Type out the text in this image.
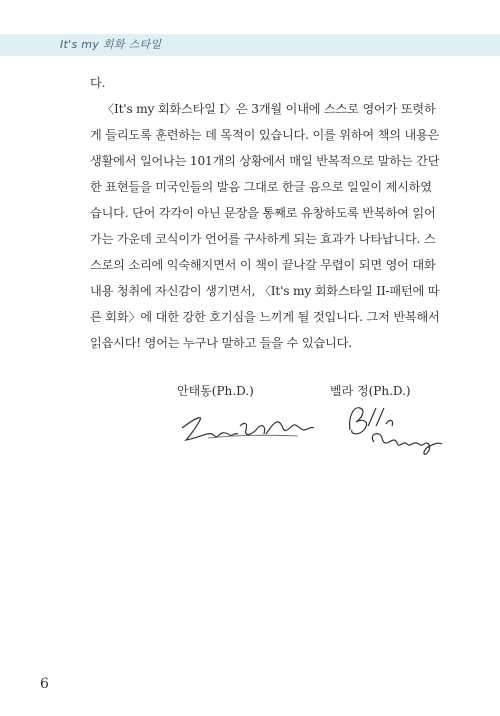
It's my 회화 스타일

다.

〈It's my 회화스타일 I〉은 3개월 이내에 스스로 영어가 또렷하게 들리도록 훈련하는 데 목적이 있습니다. 이를 위하여 책의 내용은 생활에서 일어나는 101개의 상황에서 매일 반복적으로 말하는 간단한 표현들을 미국인들의 발음 그대로 한글 음으로 일일이 제시하였습니다. 단어 각각이 아닌 문장을 통째로 유창하도록 반복하여 읽어 가는 가운데 코식이가 언어를 구사하게 되는 효과가 나타납니다. 스스로의 소리에 익숙해지면서 이 책이 끝나갈 무렵이 되면 영어 대화내용 청취에 자신감이 생기면서, 〈It's my 회화스타일 II-패턴에 따른 회화〉에 대한 강한 호기심을 느끼게 될 것입니다. 그저 반복해서 읽읍시다! 영어는 누구나 말하고 들을 수 있습니다.

안태동(Ph.D.)	벨라 정(Ph.D.)
6
